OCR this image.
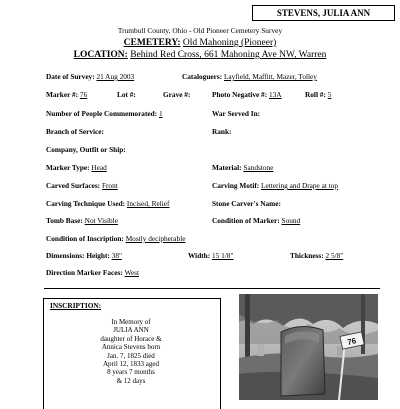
STEVENS, JULIA ANN
Trumbull County, Ohio - Old Pioneer Cemetery Survey
CEMETERY: Old Mahoning (Pioneer)
LOCATION: Behind Red Cross, 661 Mahoning Ave NW, Warren
Date of Survey: 21 Aug 2003	Cataloguers: Layfield, Maffitt, Mazer, Tolley
Marker #: 76	Lot #:	Grave #:	Photo Negative #: 13A	Roll #: 5
Number of People Commemorated: 1	War Served In:
Branch of Service:	Rank:
Company, Outfit or Ship:
Marker Type: Head	Material: Sandstone
Carved Surfaces: Front	Carving Motif: Lettering and Drape at top
Carving Technique Used: Incised, Relief	Stone Carver's Name:
Tomb Base: Not Visible	Condition of Marker: Sound
Condition of Inscription: Mostly decipherable
Dimensions: Height: 38"	Width: 15 1/8"	Thickness: 2 5/8"
Direction Marker Faces: West
INSCRIPTION:
In Memory of
JULIA ANN
daughter of Horace &
Annica Stevens born
Jan. 7, 1825 died
April 12, 1833 aged
8 years 7 months
& 12 days
76
